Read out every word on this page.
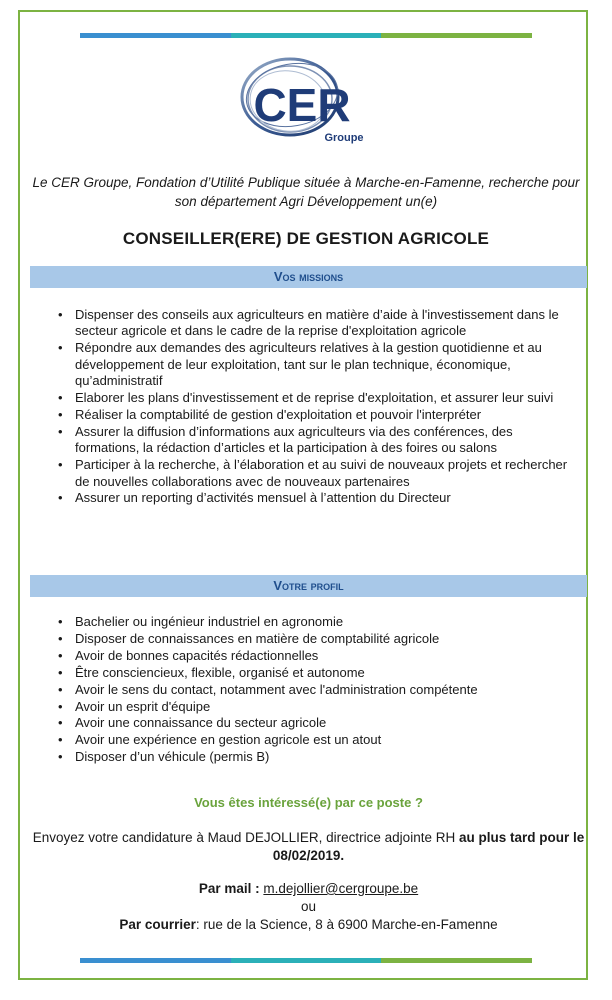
CER
Groupe
Le CER Groupe, Fondation d’Utilité Publique située à Marche-en-Famenne, recherche pour son département Agri Développement un(e)
CONSEILLER(ERE) DE GESTION AGRICOLE
Vos missions
• Dispenser des conseils aux agriculteurs en matière d’aide à l'investissement dans le secteur agricole et dans le cadre de la reprise d'exploitation agricole
• Répondre aux demandes des agriculteurs relatives à la gestion quotidienne et au développement de leur exploitation, tant sur le plan technique, économique, qu’administratif
• Elaborer les plans d'investissement et de reprise d'exploitation, et assurer leur suivi
• Réaliser la comptabilité de gestion d'exploitation et pouvoir l'interpréter
• Assurer la diffusion d’informations aux agriculteurs via des conférences, des formations, la rédaction d’articles et la participation à des foires ou salons
• Participer à la recherche, à l’élaboration et au suivi de nouveaux projets et rechercher de nouvelles collaborations avec de nouveaux partenaires
• Assurer un reporting d’activités mensuel à l’attention du Directeur
Votre profil
• Bachelier ou ingénieur industriel en agronomie
• Disposer de connaissances en matière de comptabilité agricole
• Avoir de bonnes capacités rédactionnelles
• Être consciencieux, flexible, organisé et autonome
• Avoir le sens du contact, notamment avec l'administration compétente
• Avoir un esprit d'équipe
• Avoir une connaissance du secteur agricole
• Avoir une expérience en gestion agricole est un atout
• Disposer d’un véhicule (permis B)
Vous êtes intéressé(e) par ce poste ?
Envoyez votre candidature à Maud DEJOLLIER, directrice adjointe RH au plus tard pour le 08/02/2019.
Par mail : m.dejollier@cergroupe.be
ou
Par courrier: rue de la Science, 8 à 6900 Marche-en-Famenne
